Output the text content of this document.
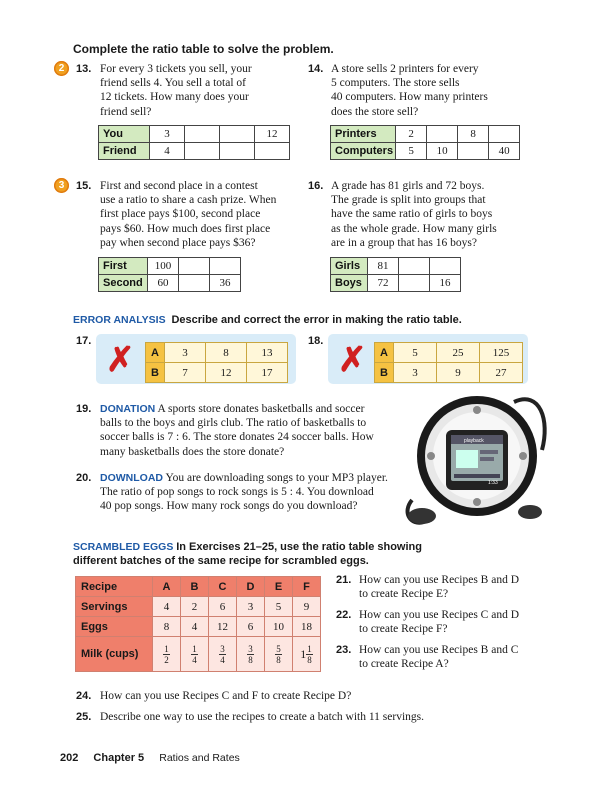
Complete the ratio table to solve the problem.
2	13. For every 3 tickets you sell, your
friend sells 4. You sell a total of
12 tickets. How many does your
friend sell?
You	3			12
Friend	4			
14. A store sells 2 printers for every
5 computers. The store sells
40 computers. How many printers
does the store sell?
Printers	2		8	
Computers	5	10		40
3	15. First and second place in a contest
use a ratio to share a cash prize. When
first place pays $100, second place
pays $60. How much does first place
pay when second place pays $36?
First	100		
Second	60		36
16. A grade has 81 girls and 72 boys.
The grade is split into groups that
have the same ratio of girls to boys
as the whole grade. How many girls
are in a group that has 16 boys?
Girls	81		
Boys	72		16
ERROR ANALYSIS Describe and correct the error in making the ratio table.
17. ✗ A	3	8	13
B	7	12	17
18. ✗ A	5	25	125
B	3	9	27
19. DONATION A sports store donates basketballs and soccer
balls to the boys and girls club. The ratio of basketballs to
soccer balls is 7 : 6. The store donates 24 soccer balls. How
many basketballs does the store donate?
20. DOWNLOAD You are downloading songs to your MP3 player.
The ratio of pop songs to rock songs is 5 : 4. You download
40 pop songs. How many rock songs do you download?
playback
1:33
SCRAMBLED EGGS In Exercises 21–25, use the ratio table showing
different batches of the same recipe for scrambled eggs.
Recipe	A	B	C	D	E	F
Servings	4	2	6	3	5	9
Eggs	8	4	12	6	10	18
Milk (cups)	$\frac{1}{2}$	$\frac{1}{4}$	$\frac{3}{4}$	$\frac{3}{8}$	$\frac{5}{8}$	$1 \frac{1}{8}$
21. How can you use Recipes B and D
to create Recipe E?
22. How can you use Recipes C and D
to create Recipe F?
23. How can you use Recipes B and C
to create Recipe A?
24. How can you use Recipes C and F to create Recipe D?
25. Describe one way to use the recipes to create a batch with 11 servings.
202 Chapter 5 Ratios and Rates
